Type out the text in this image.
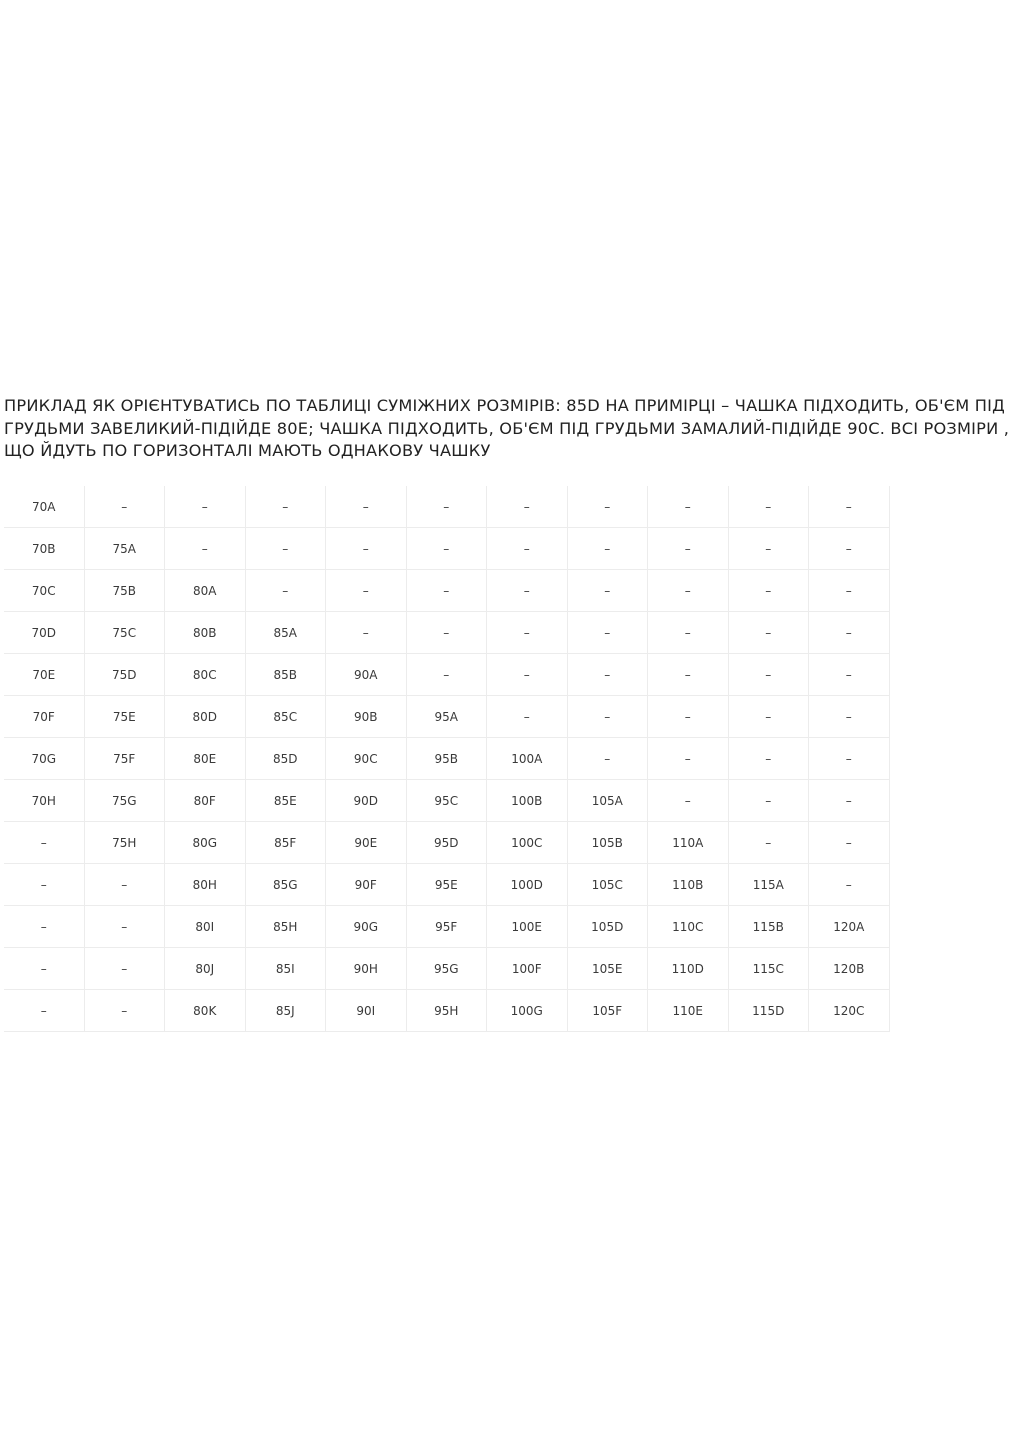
ПРИКЛАД ЯК ОРІЄНТУВАТИСЬ ПО ТАБЛИЦІ СУМІЖНИХ РОЗМІРІВ: 85D НА ПРИМІРЦІ – ЧАШКА ПІДХОДИТЬ, ОБ'ЄМ ПІД ГРУДЬМИ ЗАВЕЛИКИЙ-ПІДІЙДЕ 80E; ЧАШКА ПІДХОДИТЬ, ОБ'ЄМ ПІД ГРУДЬМИ ЗАМАЛИЙ-ПІДІЙДЕ 90C. ВСІ РОЗМІРИ , ЩО ЙДУТЬ ПО ГОРИЗОНТАЛІ МАЮТЬ ОДНАКОВУ ЧАШКУ

70A	–	–	–	–	–	–	–	–	–	–
70B	75A	–	–	–	–	–	–	–	–	–
70C	75B	80A	–	–	–	–	–	–	–	–
70D	75C	80B	85A	–	–	–	–	–	–	–
70E	75D	80C	85B	90A	–	–	–	–	–	–
70F	75E	80D	85C	90B	95A	–	–	–	–	–
70G	75F	80E	85D	90C	95B	100A	–	–	–	–
70H	75G	80F	85E	90D	95C	100B	105A	–	–	–
–	75H	80G	85F	90E	95D	100C	105B	110A	–	–
–	–	80H	85G	90F	95E	100D	105C	110B	115A	–
–	–	80I	85H	90G	95F	100E	105D	110C	115B	120A
–	–	80J	85I	90H	95G	100F	105E	110D	115C	120B
–	–	80K	85J	90I	95H	100G	105F	110E	115D	120C
